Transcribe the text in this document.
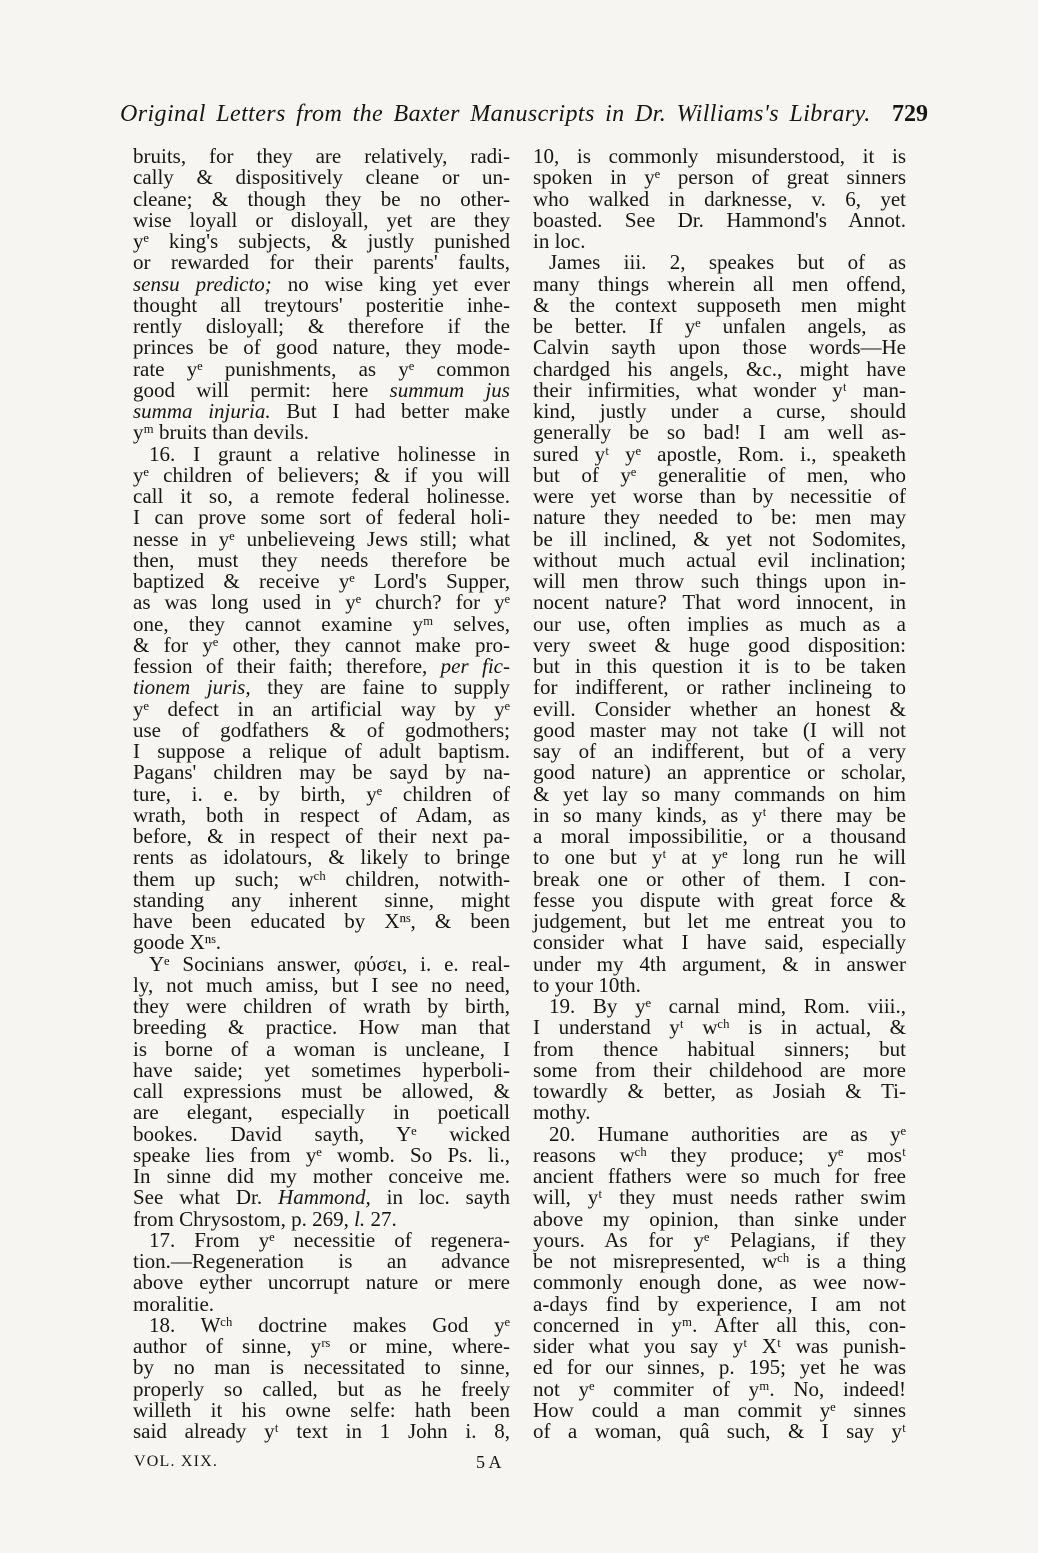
Original Letters from the Baxter Manuscripts in Dr. Williams's Library. 729
bruits, for they are relatively, radi-
cally & dispositively cleane or un-
cleane; & though they be no other-
wise loyall or disloyall, yet are they
yᵉ king's subjects, & justly punished
or rewarded for their parents' faults,
sensu predicto; no wise king yet ever
thought all treytours' posteritie inhe-
rently disloyall; & therefore if the
princes be of good nature, they mode-
rate yᵉ punishments, as yᵉ common
good will permit: here summum jus
summa injuria. But I had better make
yᵐ bruits than devils.
16. I graunt a relative holinesse in
yᵉ children of believers; & if you will
call it so, a remote federal holinesse.
I can prove some sort of federal holi-
nesse in yᵉ unbelieveing Jews still; what
then, must they needs therefore be
baptized & receive yᵉ Lord's Supper,
as was long used in yᵉ church? for yᵉ
one, they cannot examine yᵐ selves,
& for yᵉ other, they cannot make pro-
fession of their faith; therefore, per fic-
tionem juris, they are faine to supply
yᵉ defect in an artificial way by yᵉ
use of godfathers & of godmothers;
I suppose a relique of adult baptism.
Pagans' children may be sayd by na-
ture, i. e. by birth, yᵉ children of
wrath, both in respect of Adam, as
before, & in respect of their next pa-
rents as idolatours, & likely to bringe
them up such; wᶜʰ children, notwith-
standing any inherent sinne, might
have been educated by Xⁿˢ, & been
goode Xⁿˢ.
Yᵉ Socinians answer, φύσει, i. e. real-
ly, not much amiss, but I see no need,
they were children of wrath by birth,
breeding & practice. How man that
is borne of a woman is uncleane, I
have saide; yet sometimes hyperboli-
call expressions must be allowed, &
are elegant, especially in poeticall
bookes. David sayth, Yᵉ wicked
speake lies from yᵉ womb. So Ps. li.,
In sinne did my mother conceive me.
See what Dr. Hammond, in loc. sayth
from Chrysostom, p. 269, l. 27.
17. From yᵉ necessitie of regenera-
tion.—Regeneration is an advance
above eyther uncorrupt nature or mere
moralitie.
18. Wᶜʰ doctrine makes God yᵉ
author of sinne, yʳˢ or mine, where-
by no man is necessitated to sinne,
properly so called, but as he freely
willeth it his owne selfe: hath been
said already yᵗ text in 1 John i. 8,
10, is commonly misunderstood, it is
spoken in yᵉ person of great sinners
who walked in darknesse, v. 6, yet
boasted. See Dr. Hammond's Annot.
in loc.
James iii. 2, speakes but of as
many things wherein all men offend,
& the context supposeth men might
be better. If yᵉ unfalen angels, as
Calvin sayth upon those words—He
chardged his angels, &c., might have
their infirmities, what wonder yᵗ man-
kind, justly under a curse, should
generally be so bad! I am well as-
sured yᵗ yᵉ apostle, Rom. i., speaketh
but of yᵉ generalitie of men, who
were yet worse than by necessitie of
nature they needed to be: men may
be ill inclined, & yet not Sodomites,
without much actual evil inclination;
will men throw such things upon in-
nocent nature? That word innocent, in
our use, often implies as much as a
very sweet & huge good disposition:
but in this question it is to be taken
for indifferent, or rather inclineing to
evill. Consider whether an honest &
good master may not take (I will not
say of an indifferent, but of a very
good nature) an apprentice or scholar,
& yet lay so many commands on him
in so many kinds, as yᵗ there may be
a moral impossibilitie, or a thousand
to one but yᵗ at yᵉ long run he will
break one or other of them. I con-
fesse you dispute with great force &
judgement, but let me entreat you to
consider what I have said, especially
under my 4th argument, & in answer
to your 10th.
19. By yᵉ carnal mind, Rom. viii.,
I understand yᵗ wᶜʰ is in actual, &
from thence habitual sinners; but
some from their childehood are more
towardly & better, as Josiah & Ti-
mothy.
20. Humane authorities are as yᵉ
reasons wᶜʰ they produce; yᵉ mosᵗ
ancient ffathers were so much for free
will, yᵗ they must needs rather swim
above my opinion, than sinke under
yours. As for yᵉ Pelagians, if they
be not misrepresented, wᶜʰ is a thing
commonly enough done, as wee now-
a-days find by experience, I am not
concerned in yᵐ. After all this, con-
sider what you say yᵗ Xᵗ was punish-
ed for our sinnes, p. 195; yet he was
not yᵉ commiter of yᵐ. No, indeed!
How could a man commit yᵉ sinnes
of a woman, quâ such, & I say yᵗ
VOL. XIX.	5 A
